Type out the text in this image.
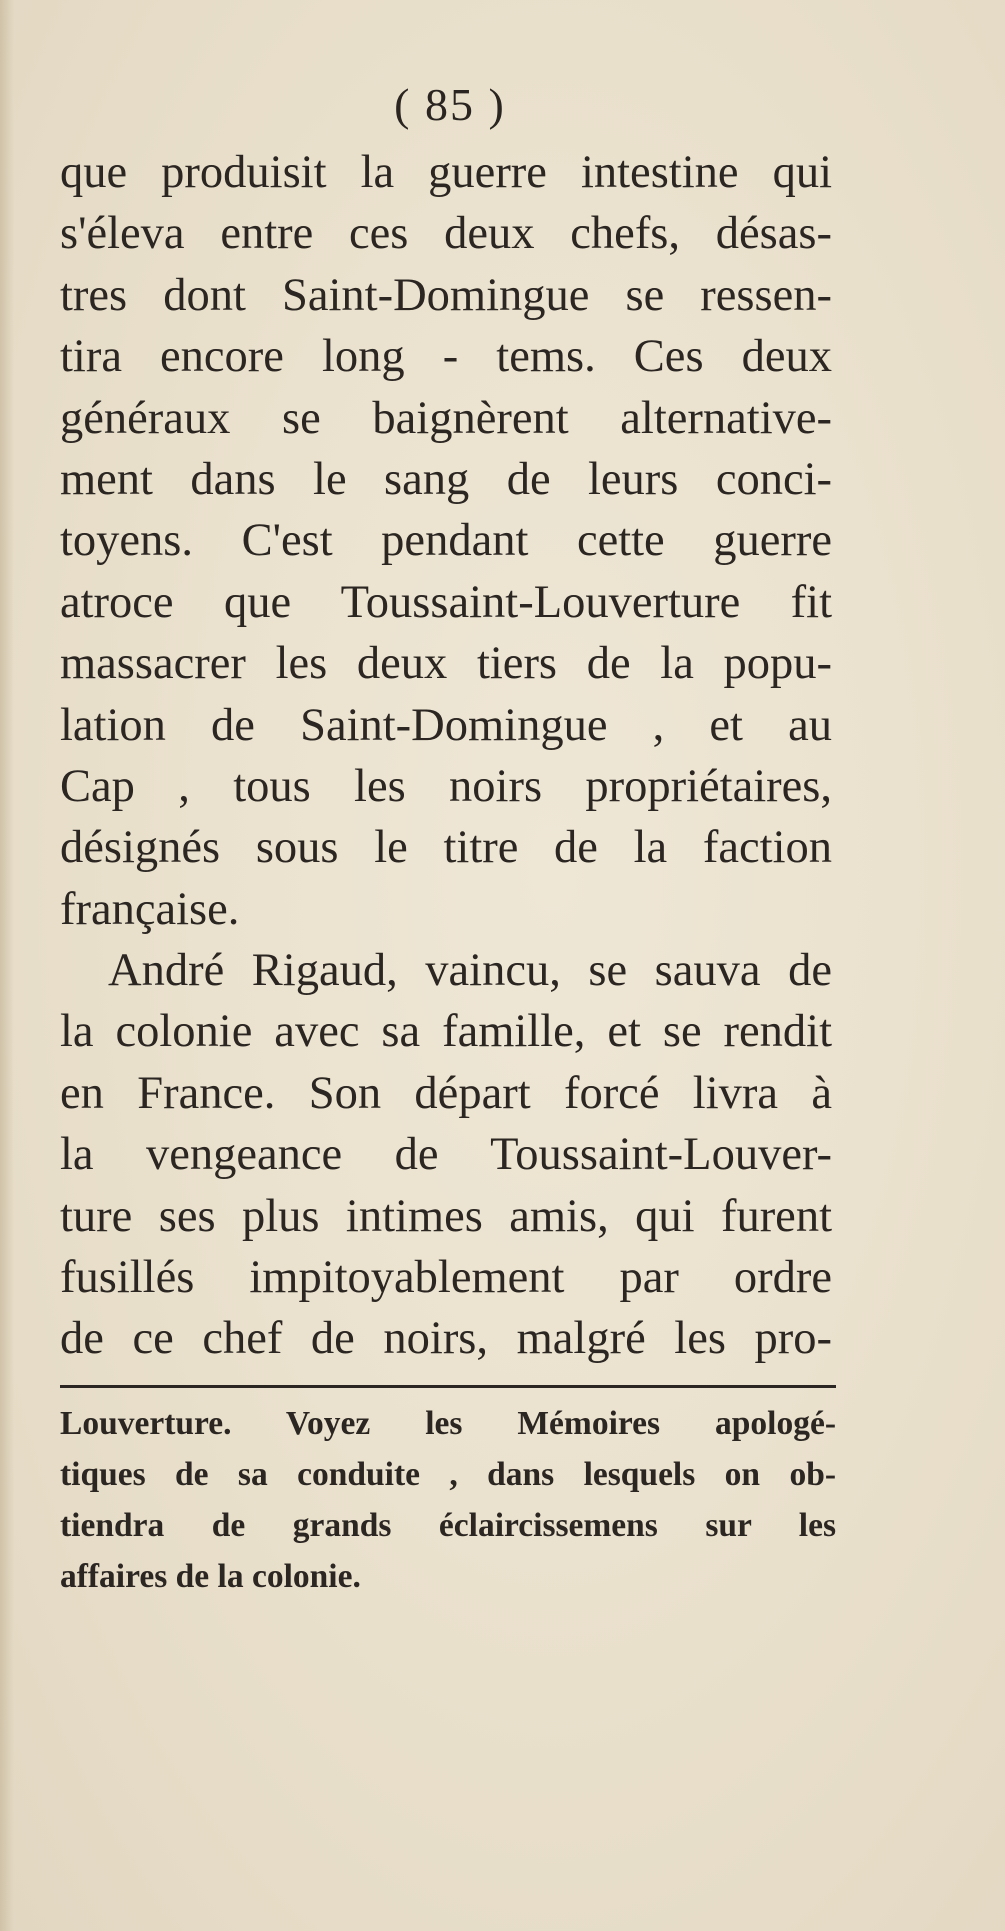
( 85 )
que produisit la guerre intestine qui
s'éleva entre ces deux chefs, désas-
tres dont Saint-Domingue se ressen-
tira encore long - tems. Ces deux
généraux se baignèrent alternative-
ment dans le sang de leurs conci-
toyens. C'est pendant cette guerre
atroce que Toussaint-Louverture fit
massacrer les deux tiers de la popu-
lation de Saint-Domingue , et au
Cap , tous les noirs propriétaires,
désignés sous le titre de la faction
française.
André Rigaud, vaincu, se sauva de
la colonie avec sa famille, et se rendit
en France. Son départ forcé livra à
la vengeance de Toussaint-Louver-
ture ses plus intimes amis, qui furent
fusillés impitoyablement par ordre
de ce chef de noirs, malgré les pro-
Louverture. Voyez les Mémoires apologé-
tiques de sa conduite , dans lesquels on ob-
tiendra de grands éclaircissemens sur les
affaires de la colonie.
